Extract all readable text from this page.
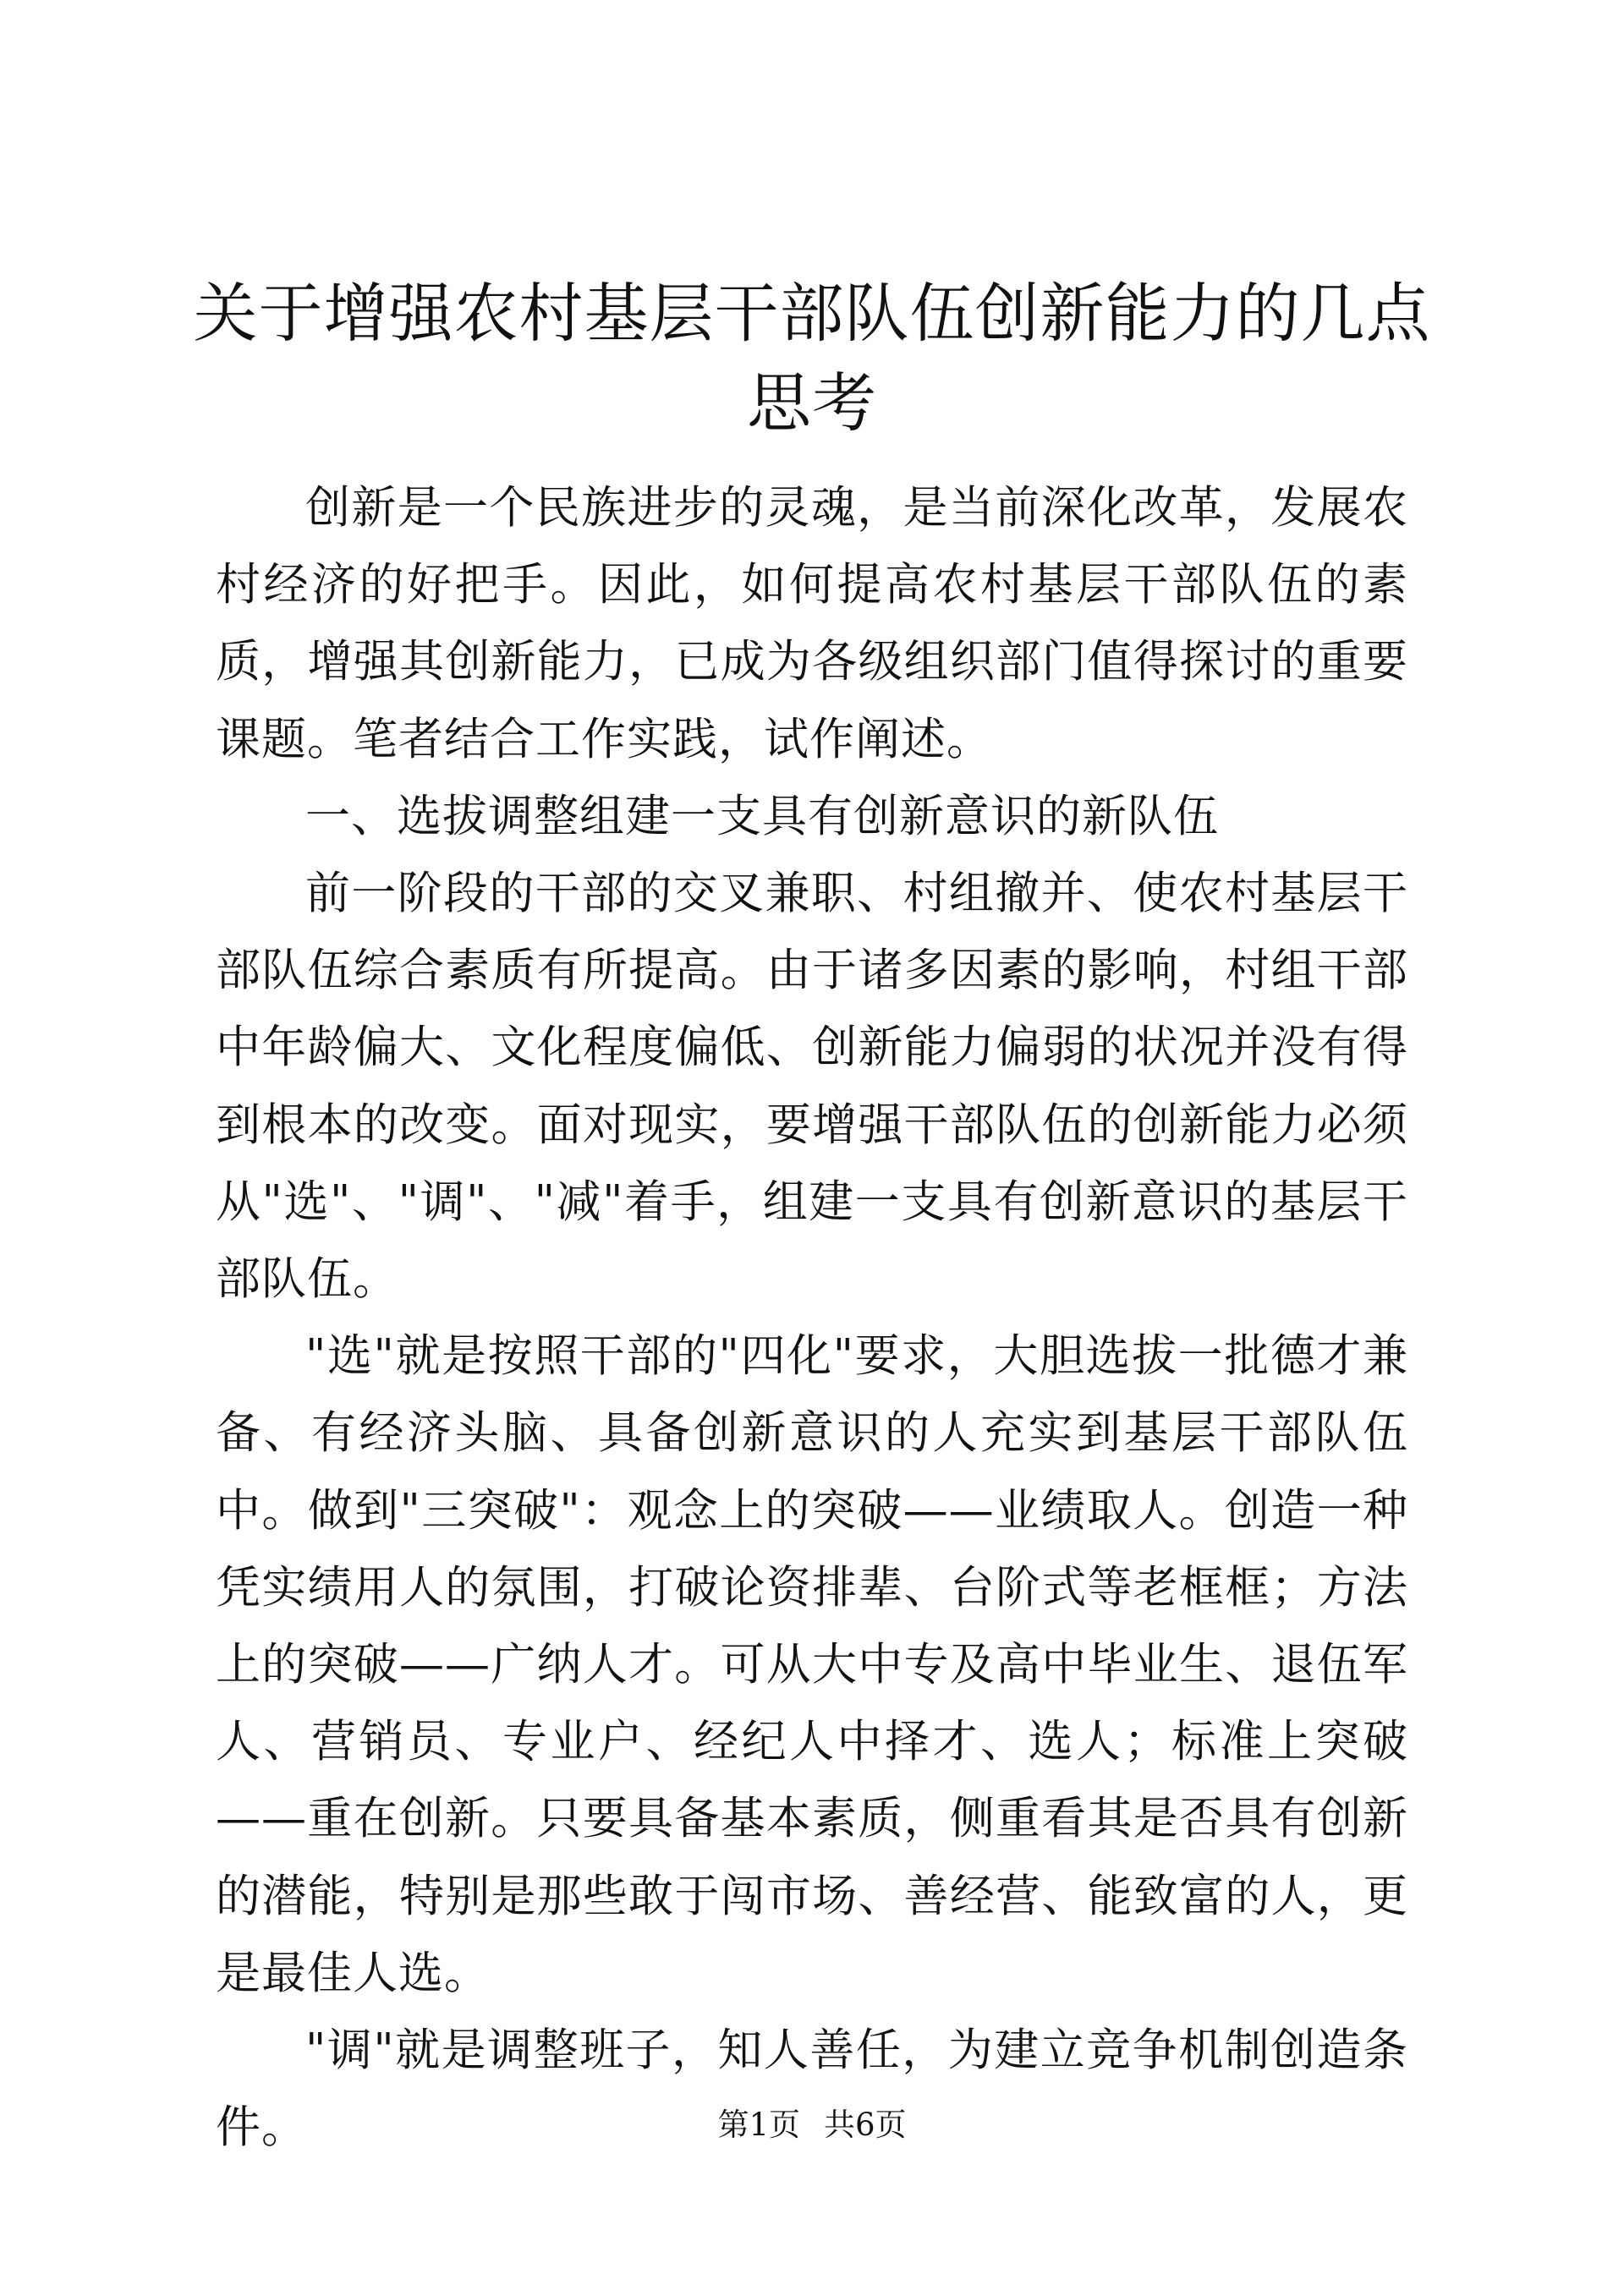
关于增强农村基层干部队伍创新能力的几点思考

创新是一个民族进步的灵魂，是当前深化改革，发展农村经济的好把手。因此，如何提高农村基层干部队伍的素质，增强其创新能力，已成为各级组织部门值得探讨的重要课题。笔者结合工作实践，试作阐述。

一、选拔调整组建一支具有创新意识的新队伍

前一阶段的干部的交叉兼职、村组撤并、使农村基层干部队伍综合素质有所提高。由于诸多因素的影响，村组干部中年龄偏大、文化程度偏低、创新能力偏弱的状况并没有得到根本的改变。面对现实，要增强干部队伍的创新能力必须从"选"、"调"、"减"着手，组建一支具有创新意识的基层干部队伍。

"选"就是按照干部的"四化"要求，大胆选拔一批德才兼备、有经济头脑、具备创新意识的人充实到基层干部队伍中。做到"三突破"：观念上的突破——业绩取人。创造一种凭实绩用人的氛围，打破论资排辈、台阶式等老框框；方法上的突破——广纳人才。可从大中专及高中毕业生、退伍军人、营销员、专业户、经纪人中择才、选人；标准上突破——重在创新。只要具备基本素质，侧重看其是否具有创新的潜能，特别是那些敢于闯市场、善经营、能致富的人，更是最佳人选。

"调"就是调整班子，知人善任，为建立竞争机制创造条件。	第1页 共6页
